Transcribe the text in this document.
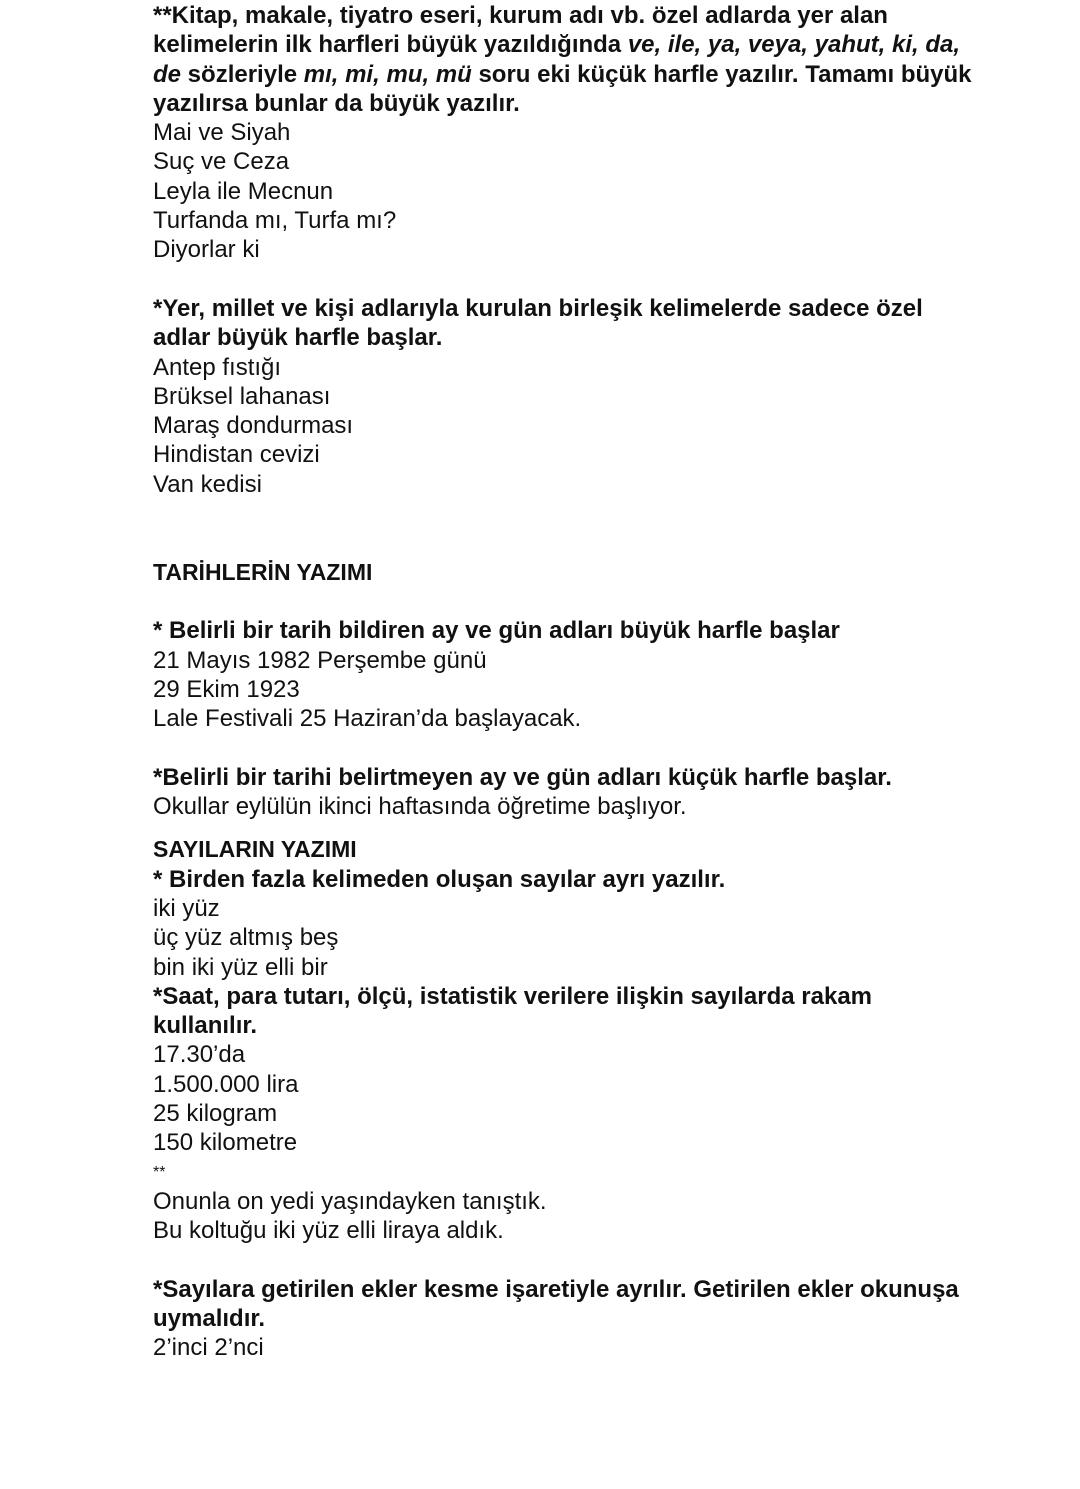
**Kitap, makale, tiyatro eseri, kurum adı vb. özel adlarda yer alan
kelimelerin ilk harfleri büyük yazıldığında ve, ile, ya, veya, yahut, ki, da,
de sözleriyle mı, mi, mu, mü soru eki küçük harfle yazılır. Tamamı büyük
yazılırsa bunlar da büyük yazılır.
Mai ve Siyah
Suç ve Ceza
Leyla ile Mecnun
Turfanda mı, Turfa mı?
Diyorlar ki
*Yer, millet ve kişi adlarıyla kurulan birleşik kelimelerde sadece özel
adlar büyük harfle başlar.
Antep fıstığı
Brüksel lahanası
Maraş dondurması
Hindistan cevizi
Van kedisi
TARİHLERİN YAZIMI
* Belirli bir tarih bildiren ay ve gün adları büyük harfle başlar
21 Mayıs 1982 Perşembe günü
29 Ekim 1923
Lale Festivali 25 Haziran’da başlayacak.
*Belirli bir tarihi belirtmeyen ay ve gün adları küçük harfle başlar.
Okullar eylülün ikinci haftasında öğretime başlıyor.
SAYILARIN YAZIMI
* Birden fazla kelimeden oluşan sayılar ayrı yazılır.
iki yüz
üç yüz altmış beş
bin iki yüz elli bir
*Saat, para tutarı, ölçü, istatistik verilere ilişkin sayılarda rakam
kullanılır.
17.30’da
1.500.000 lira
25 kilogram
150 kilometre
**
Onunla on yedi yaşındayken tanıştık.
Bu koltuğu iki yüz elli liraya aldık.
*Sayılara getirilen ekler kesme işaretiyle ayrılır. Getirilen ekler okunuşa
uymalıdır.
2’inci 2’nci
